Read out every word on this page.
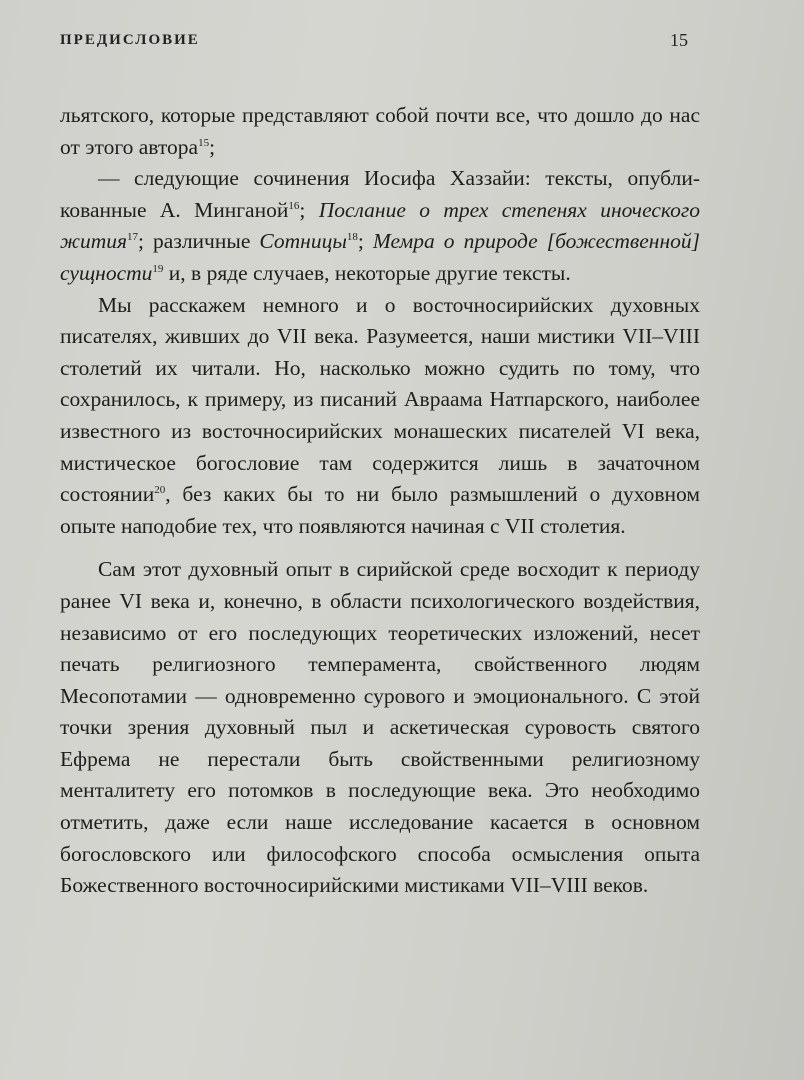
ПРЕДИСЛОВИЕ	15

льятского, которые представляют собой почти все, что дошло до нас от этого автора$^{15}$;

— следующие сочинения Иосифа Хаззайи: тексты, опубликованные А. Минганой$^{16}$; Послание о трех степенях иноческого жития$^{17}$; различные Сотницы$^{18}$; Мемра о природе [божественной] сущности$^{19}$ и, в ряде случаев, некоторые другие тексты.

Мы расскажем немного и о восточносирийских духовных писателях, живших до VII века. Разумеется, наши мистики VII–VIII столетий их читали. Но, насколько можно судить по тому, что сохранилось, к примеру, из писаний Авраама Натпарского, наиболее известного из восточносирийских монашеских писателей VI века, мистическое богословие там содержится лишь в зачаточном состоянии$^{20}$, без каких бы то ни было размышлений о духовном опыте наподобие тех, что появляются начиная с VII столетия.

Сам этот духовный опыт в сирийской среде восходит к периоду ранее VI века и, конечно, в области психологического воздействия, независимо от его последующих теоретических изложений, несет печать религиозного темперамента, свойственного людям Месопотамии — одновременно сурового и эмоционального. С этой точки зрения духовный пыл и аскетическая суровость святого Ефрема не перестали быть свойственными религиозному менталитету его потомков в последующие века. Это необходимо отметить, даже если наше исследование касается в основном богословского или философского способа осмысления опыта Божественного восточносирийскими мистиками VII–VIII веков.
